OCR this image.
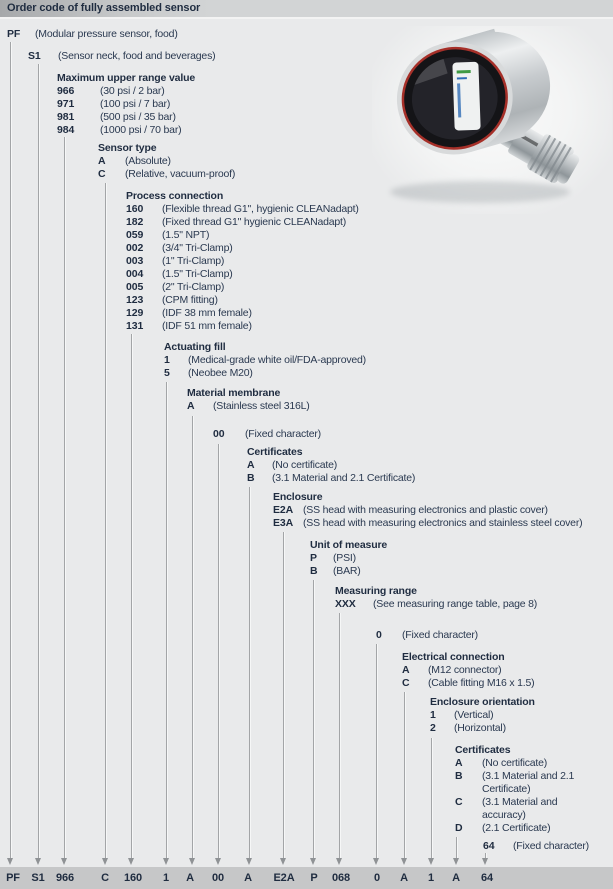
Order code of fully assembled sensor
PF	(Modular pressure sensor, food)
S1	(Sensor neck, food and beverages)
Maximum upper range value
966	(30 psi / 2 bar)
971	(100 psi / 7 bar)
981	(500 psi / 35 bar)
984	(1000 psi / 70 bar)
Sensor type
A	(Absolute)
C	(Relative, vacuum-proof)
Process connection
160	(Flexible thread G1", hygienic CLEANadapt)
182	(Fixed thread G1" hygienic CLEANadapt)
059	(1.5" NPT)
002	(3/4" Tri-Clamp)
003	(1" Tri-Clamp)
004	(1.5" Tri-Clamp)
005	(2" Tri-Clamp)
123	(CPM fitting)
129	(IDF 38 mm female)
131	(IDF 51 mm female)
Actuating fill
1	(Medical-grade white oil/FDA-approved)
5	(Neobee M20)
Material membrane
A	(Stainless steel 316L)
00	(Fixed character)
Certificates
A	(No certificate)
B	(3.1 Material and 2.1 Certificate)
Enclosure
E2A (SS head with measuring electronics and plastic cover)
E3A (SS head with measuring electronics and stainless steel cover)
Unit of measure
P	(PSI)
B	(BAR)
Measuring range
XXX	(See measuring range table, page 8)
0	(Fixed character)
Electrical connection
A	(M12 connector)
C	(Cable fitting M16 x 1.5)
Enclosure orientation
1	(Vertical)
2	(Horizontal)
Certificates
A	(No certificate)
B	(3.1 Material and 2.1 Certificate)
C	(3.1 Material and accuracy)
D	(2.1 Certificate)
64	(Fixed character)
PF S1 966 C 160 1 A 00 A E2A P 068 0 A 1 A 64
